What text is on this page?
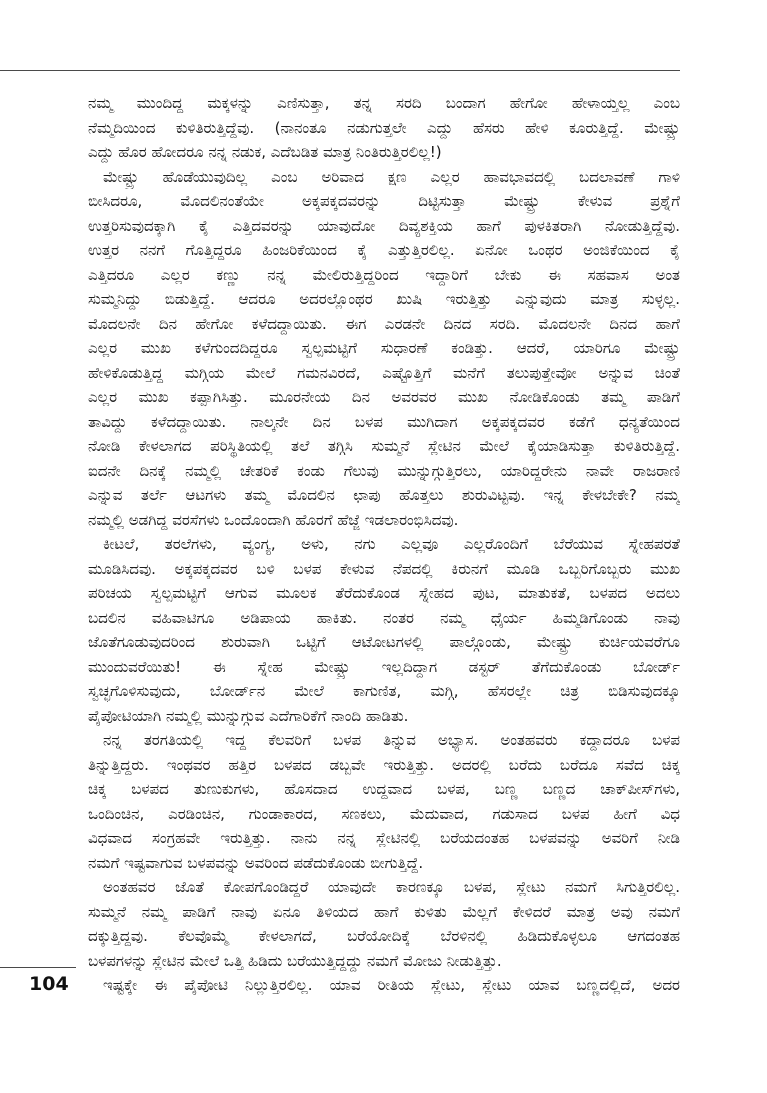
ನಮ್ಮ ಮುಂದಿದ್ದ ಮಕ್ಕಳನ್ನು ಎಣಿಸುತ್ತಾ, ತನ್ನ ಸರದಿ ಬಂದಾಗ ಹೇಗೋ ಹೇಳಾಯ್ತಲ್ಲ ಎಂಬ
ನೆಮ್ಮದಿಯಿಂದ ಕುಳಿತಿರುತ್ತಿದ್ದೆವು. (ನಾನಂತೂ ನಡುಗುತ್ತಲೇ ಎದ್ದು ಹೆಸರು ಹೇಳಿ ಕೂರುತ್ತಿದ್ದೆ. ಮೇಷ್ಟ್ರು
ಎದ್ದು ಹೊರ ಹೋದರೂ ನನ್ನ ನಡುಕ, ಎದೆಬಡಿತ ಮಾತ್ರ ನಿಂತಿರುತ್ತಿರಲಿಲ್ಲ!)
ಮೇಷ್ಟ್ರು ಹೊಡೆಯುವುದಿಲ್ಲ ಎಂಬ ಅರಿವಾದ ಕ್ಷಣ ಎಲ್ಲರ ಹಾವಭಾವದಲ್ಲಿ ಬದಲಾವಣೆ ಗಾಳಿ
ಬೀಸಿದರೂ, ಮೊದಲಿನಂತೆಯೇ ಅಕ್ಕಪಕ್ಕದವರನ್ನು ದಿಟ್ಟಿಸುತ್ತಾ ಮೇಷ್ಟ್ರು ಕೇಳುವ ಪ್ರಶ್ನೆಗೆ
ಉತ್ತರಿಸುವುದಕ್ಕಾಗಿ ಕೈ ಎತ್ತಿದವರನ್ನು ಯಾವುದೋ ದಿವ್ಯಶಕ್ತಿಯ ಹಾಗೆ ಪುಳಕಿತರಾಗಿ ನೋಡುತ್ತಿದ್ದೆವು.
ಉತ್ತರ ನನಗೆ ಗೊತ್ತಿದ್ದರೂ ಹಿಂಜರಿಕೆಯಿಂದ ಕೈ ಎತ್ತುತ್ತಿರಲಿಲ್ಲ. ಏನೋ ಒಂಥರ ಅಂಜಿಕೆಯಿಂದ ಕೈ
ಎತ್ತಿದರೂ ಎಲ್ಲರ ಕಣ್ಣು ನನ್ನ ಮೇಲಿರುತ್ತಿದ್ದರಿಂದ ಇದ್ದಾರಿಗೆ ಬೇಕು ಈ ಸಹವಾಸ ಅಂತ
ಸುಮ್ಮನಿದ್ದು ಬಿಡುತ್ತಿದ್ದೆ. ಆದರೂ ಅದರಲ್ಲೊಂಥರ ಖುಷಿ ಇರುತ್ತಿತ್ತು ಎನ್ನುವುದು ಮಾತ್ರ ಸುಳ್ಳಲ್ಲ.
ಮೊದಲನೇ ದಿನ ಹೇಗೋ ಕಳೆದದ್ದಾಯಿತು. ಈಗ ಎರಡನೇ ದಿನದ ಸರದಿ. ಮೊದಲನೇ ದಿನದ ಹಾಗೆ
ಎಲ್ಲರ ಮುಖ ಕಳೆಗುಂದದಿದ್ದರೂ ಸ್ವಲ್ಪಮಟ್ಟಿಗೆ ಸುಧಾರಣೆ ಕಂಡಿತ್ತು. ಆದರೆ, ಯಾರಿಗೂ ಮೇಷ್ಟ್ರು
ಹೇಳಿಕೊಡುತ್ತಿದ್ದ ಮಗ್ಗಿಯ ಮೇಲೆ ಗಮನವಿರದೆ, ಎಷ್ಟೊತ್ತಿಗೆ ಮನೆಗೆ ತಲುಪುತ್ತೇವೋ ಅನ್ನುವ ಚಿಂತೆ
ಎಲ್ಲರ ಮುಖ ಕಪ್ಪಾಗಿಸಿತ್ತು. ಮೂರನೇಯ ದಿನ ಅವರವರ ಮುಖ ನೋಡಿಕೊಂಡು ತಮ್ಮ ಪಾಡಿಗೆ
ತಾವಿದ್ದು ಕಳೆದದ್ದಾಯಿತು. ನಾಲ್ಕನೇ ದಿನ ಬಳಪ ಮುಗಿದಾಗ ಅಕ್ಕಪಕ್ಕದವರ ಕಡೆಗೆ ಧನ್ಯತೆಯಿಂದ
ನೋಡಿ ಕೇಳಲಾಗದ ಪರಿಸ್ಥಿತಿಯಲ್ಲಿ ತಲೆ ತಗ್ಗಿಸಿ ಸುಮ್ಮನೆ ಸ್ಲೇಟಿನ ಮೇಲೆ ಕೈಯಾಡಿಸುತ್ತಾ ಕುಳಿತಿರುತ್ತಿದ್ದೆ.
ಐದನೇ ದಿನಕ್ಕೆ ನಮ್ಮಲ್ಲಿ ಚೇತರಿಕೆ ಕಂಡು ಗೆಲುವು ಮುನ್ನುಗ್ಗುತ್ತಿರಲು, ಯಾರಿದ್ದರೇನು ನಾವೇ ರಾಜರಾಣಿ
ಎನ್ನುವ ತರ್ಲೆ ಆಟಗಳು ತಮ್ಮ ಮೊದಲಿನ ಛಾಪು ಹೊತ್ತಲು ಶುರುವಿಟ್ಟವು. ಇನ್ನ ಕೇಳಬೇಕೇ? ನಮ್ಮ
ನಮ್ಮಲ್ಲಿ ಅಡಗಿದ್ದ ವರಸೆಗಳು ಒಂದೊಂದಾಗಿ ಹೊರಗೆ ಹೆಜ್ಜೆ ಇಡಲಾರಂಭಿಸಿದವು.
ಕೀಟಲೆ, ತರಲೆಗಳು, ವ್ಯಂಗ್ಯ, ಅಳು, ನಗು ಎಲ್ಲವೂ ಎಲ್ಲರೊಂದಿಗೆ ಬೆರೆಯುವ ಸ್ನೇಹಪರತೆ
ಮೂಡಿಸಿದವು. ಅಕ್ಕಪಕ್ಕದವರ ಬಳಿ ಬಳಪ ಕೇಳುವ ನೆಪದಲ್ಲಿ ಕಿರುನಗೆ ಮೂಡಿ ಒಬ್ಬರಿಗೊಬ್ಬರು ಮುಖ
ಪರಿಚಯ ಸ್ವಲ್ಪಮಟ್ಟಿಗೆ ಆಗುವ ಮೂಲಕ ತೆರೆದುಕೊಂಡ ಸ್ನೇಹದ ಪುಟ, ಮಾತುಕತೆ, ಬಳಪದ ಅದಲು
ಬದಲಿನ ವಹಿವಾಟಿಗೂ ಅಡಿಪಾಯ ಹಾಕಿತು. ನಂತರ ನಮ್ಮ ಧೈರ್ಯ ಹಿಮ್ಮಡಿಗೊಂಡು ನಾವು
ಜೊತೆಗೂಡುವುದರಿಂದ ಶುರುವಾಗಿ ಒಟ್ಟಿಗೆ ಆಟೋಟಗಳಲ್ಲಿ ಪಾಲ್ಗೊಂಡು, ಮೇಷ್ಟ್ರು ಕುರ್ಚಿಯವರೆಗೂ
ಮುಂದುವರೆಯಿತು! ಈ ಸ್ನೇಹ ಮೇಷ್ಟ್ರು ಇಲ್ಲದಿದ್ದಾಗ ಡಸ್ಟರ್ ತೆಗೆದುಕೊಂಡು ಬೋರ್ಡ್
ಸ್ವಚ್ಛಗೊಳಿಸುವುದು, ಬೋರ್ಡ್‌ನ ಮೇಲೆ ಕಾಗುಣಿತ, ಮಗ್ಗಿ, ಹೆಸರಲ್ಲೇ ಚಿತ್ರ ಬಿಡಿಸುವುದಕ್ಕೂ
ಪೈಪೋಟಿಯಾಗಿ ನಮ್ಮಲ್ಲಿ ಮುನ್ನುಗ್ಗುವ ಎದೆಗಾರಿಕೆಗೆ ನಾಂದಿ ಹಾಡಿತು.
ನನ್ನ ತರಗತಿಯಲ್ಲಿ ಇದ್ದ ಕೆಲವರಿಗೆ ಬಳಪ ತಿನ್ನುವ ಅಭ್ಯಾಸ. ಅಂತಹವರು ಕದ್ದಾದರೂ ಬಳಪ
ತಿನ್ನುತ್ತಿದ್ದರು. ಇಂಥವರ ಹತ್ತಿರ ಬಳಪದ ಡಬ್ಬವೇ ಇರುತ್ತಿತ್ತು. ಅದರಲ್ಲಿ ಬರೆದು ಬರೆದೂ ಸವೆದ ಚಿಕ್ಕ
ಚಿಕ್ಕ ಬಳಪದ ತುಣುಕುಗಳು, ಹೊಸದಾದ ಉದ್ದವಾದ ಬಳಪ, ಬಣ್ಣ ಬಣ್ಣದ ಚಾಕ್‌ಪೀಸ್‌ಗಳು,
ಒಂದಿಂಚಿನ, ಎರಡಿಂಚಿನ, ಗುಂಡಾಕಾರದ, ಸಣಕಲು, ಮೆದುವಾದ, ಗಡುಸಾದ ಬಳಪ ಹೀಗೆ ವಿಧ
ವಿಧವಾದ ಸಂಗ್ರಹವೇ ಇರುತ್ತಿತ್ತು. ನಾನು ನನ್ನ ಸ್ಲೇಟಿನಲ್ಲಿ ಬರೆಯದಂತಹ ಬಳಪವನ್ನು ಅವರಿಗೆ ನೀಡಿ
ನಮಗೆ ಇಷ್ಟವಾಗುವ ಬಳಪವನ್ನು ಅವರಿಂದ ಪಡೆದುಕೊಂಡು ಬೀಗುತ್ತಿದ್ದೆ.
ಅಂತಹವರ ಜೊತೆ ಕೋಪಗೊಂಡಿದ್ದರೆ ಯಾವುದೇ ಕಾರಣಕ್ಕೂ ಬಳಪ, ಸ್ಲೇಟು ನಮಗೆ ಸಿಗುತ್ತಿರಲಿಲ್ಲ.
ಸುಮ್ಮನೆ ನಮ್ಮ ಪಾಡಿಗೆ ನಾವು ಏನೂ ತಿಳಿಯದ ಹಾಗೆ ಕುಳಿತು ಮೆಲ್ಲಗೆ ಕೇಳಿದರೆ ಮಾತ್ರ ಅವು ನಮಗೆ
ದಕ್ಕುತ್ತಿದ್ದವು. ಕೆಲವೊಮ್ಮೆ ಕೇಳಲಾಗದೆ, ಬರೆಯೋದಿಕ್ಕೆ ಬೆರಳಿನಲ್ಲಿ ಹಿಡಿದುಕೊಳ್ಳಲೂ ಆಗದಂತಹ
ಬಳಪಗಳನ್ನು ಸ್ಲೇಟಿನ ಮೇಲೆ ಒತ್ತಿ ಹಿಡಿದು ಬರೆಯುತ್ತಿದ್ದದ್ದು ನಮಗೆ ಮೋಜು ನೀಡುತ್ತಿತ್ತು.
ಇಷ್ಟಕ್ಕೇ ಈ ಪೈಪೋಟಿ ನಿಲ್ಲುತ್ತಿರಲಿಲ್ಲ. ಯಾವ ರೀತಿಯ ಸ್ಲೇಟು, ಸ್ಲೇಟು ಯಾವ ಬಣ್ಣದಲ್ಲಿದೆ, ಅದರ
104
